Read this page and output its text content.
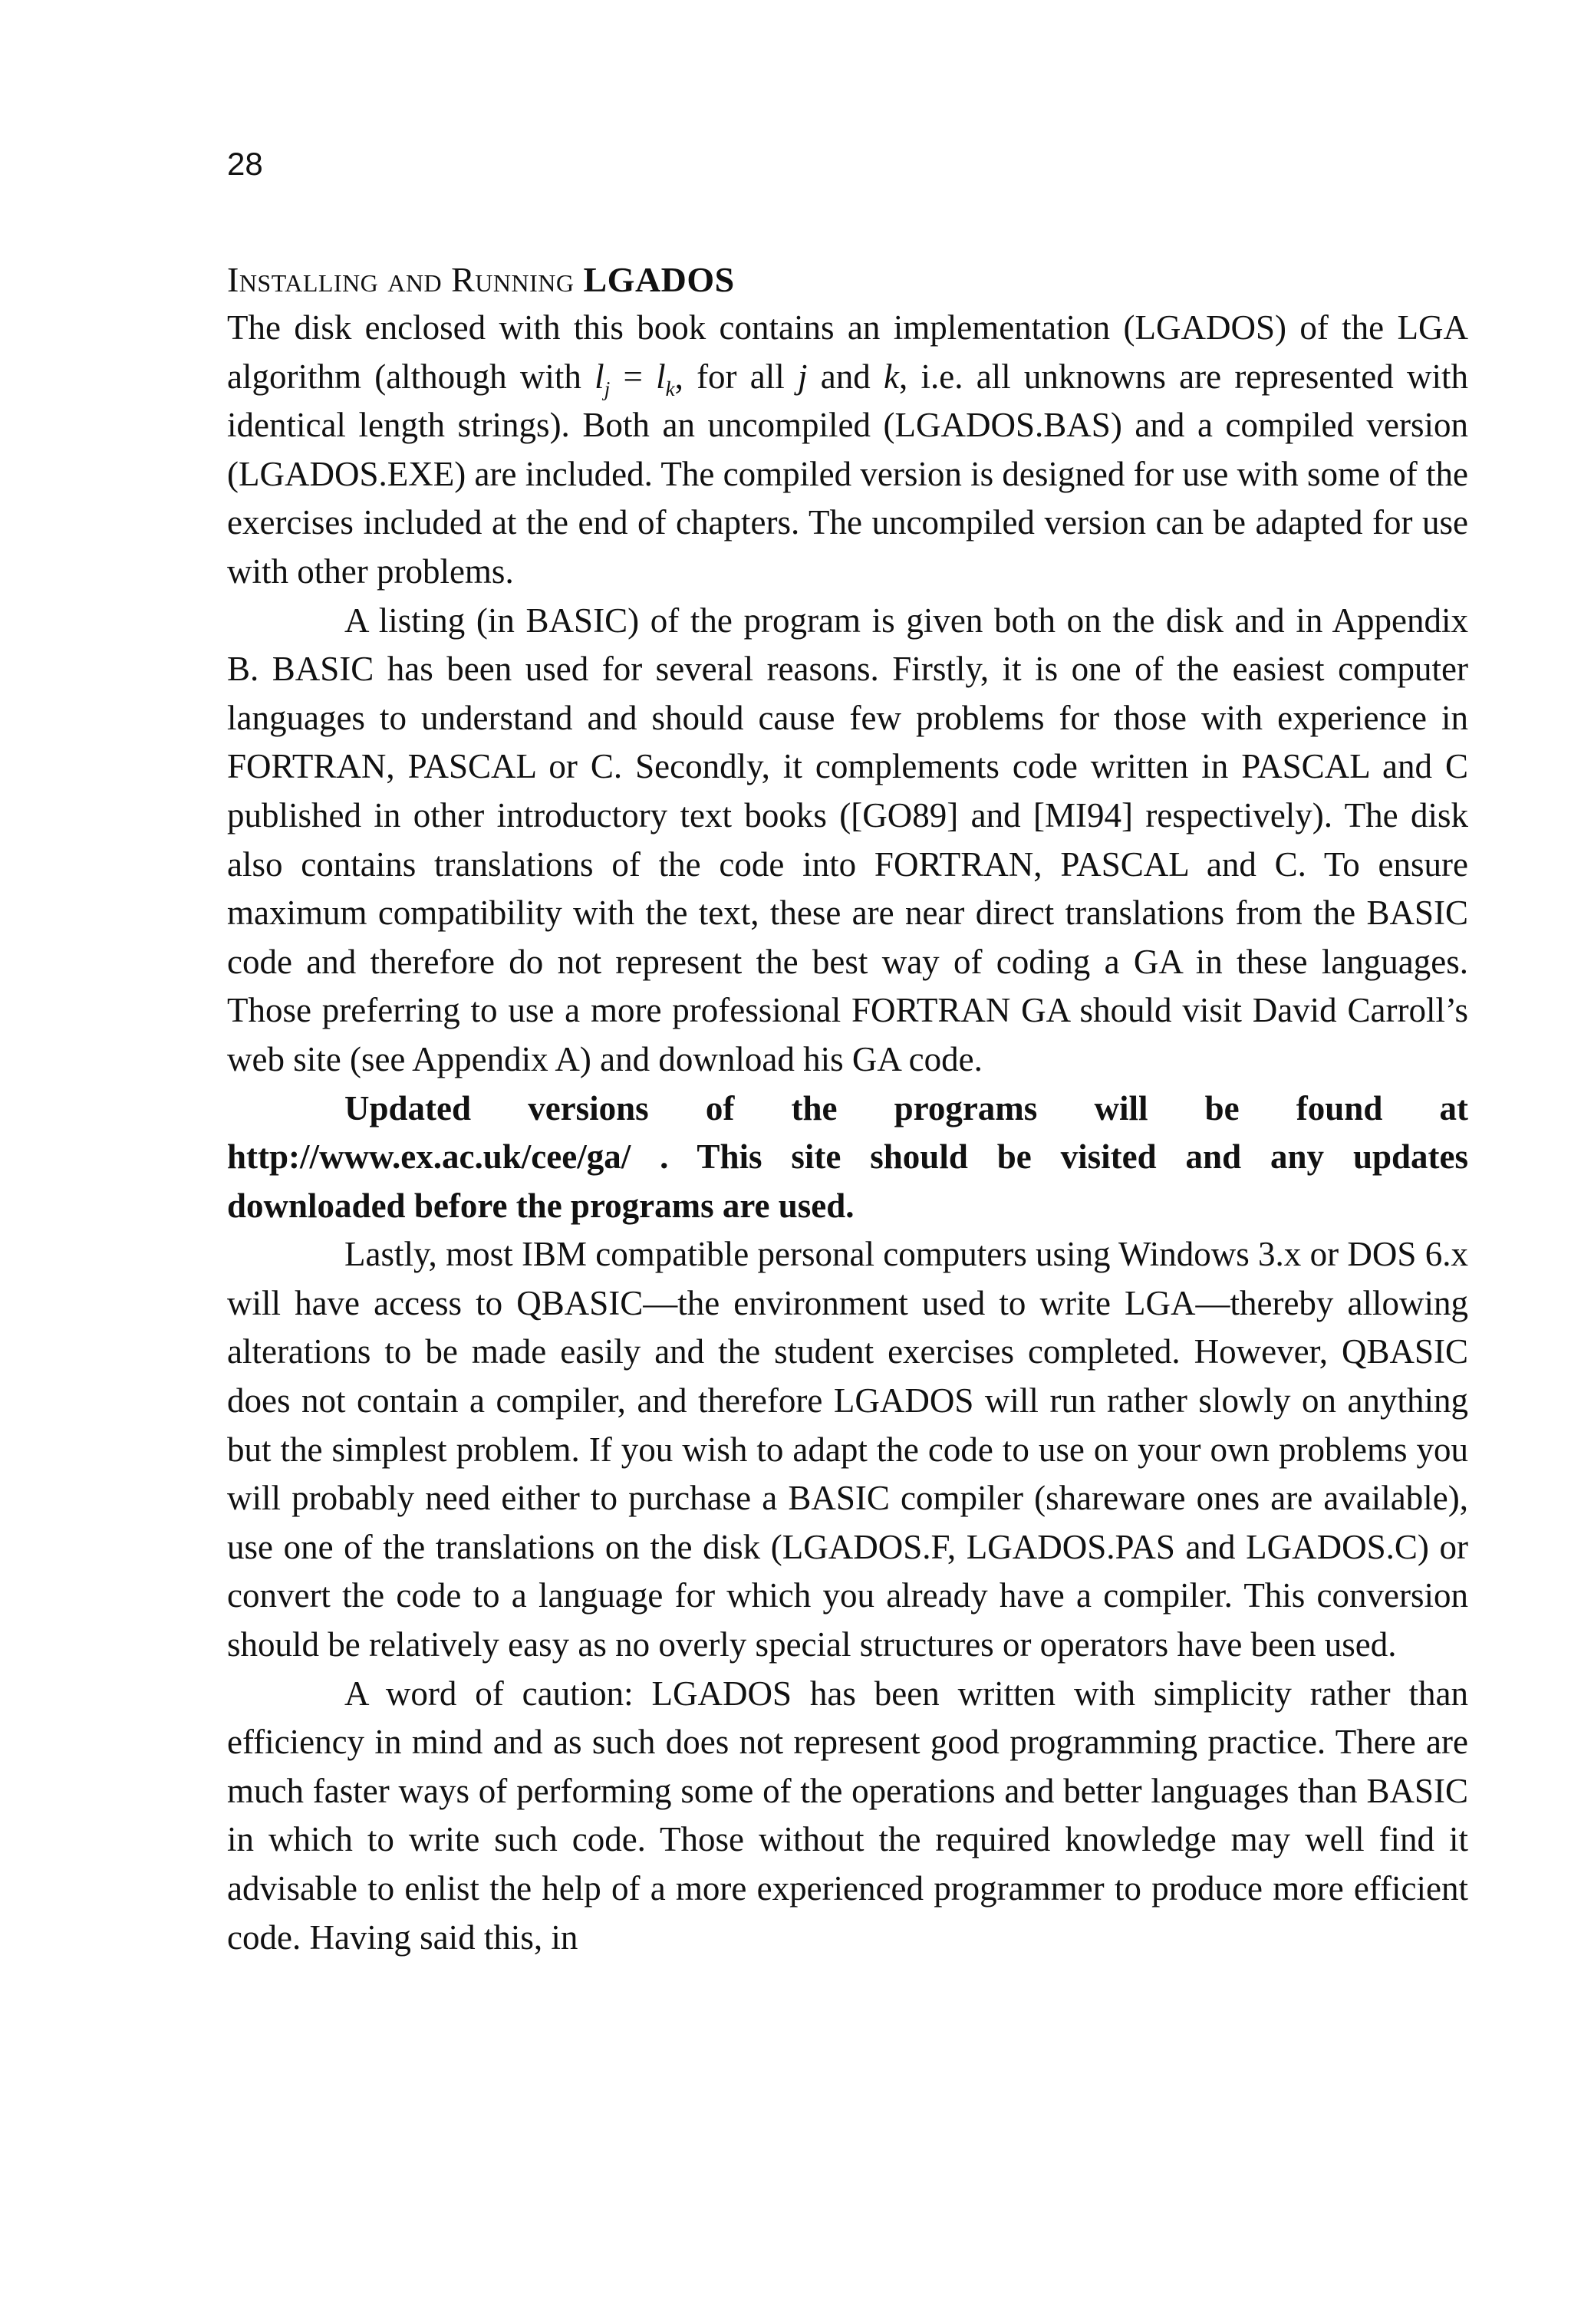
28
Installing and Running LGADOS

The disk enclosed with this book contains an implementation (LGADOS) of the LGA algorithm (although with $l_j = l_k$, for all j and k, i.e. all unknowns are represented with identical length strings). Both an uncompiled (LGADOS.BAS) and a compiled version (LGADOS.EXE) are included. The compiled version is designed for use with some of the exercises included at the end of chapters. The uncompiled version can be adapted for use with other problems.

A listing (in BASIC) of the program is given both on the disk and in Appendix B. BASIC has been used for several reasons. Firstly, it is one of the easiest computer languages to understand and should cause few problems for those with experience in FORTRAN, PASCAL or C. Secondly, it complements code written in PASCAL and C published in other introductory text books ([GO89] and [MI94] respectively). The disk also contains translations of the code into FORTRAN, PASCAL and C. To ensure maximum compatibility with the text, these are near direct translations from the BASIC code and therefore do not represent the best way of coding a GA in these languages. Those preferring to use a more professional FORTRAN GA should visit David Carroll’s web site (see Appendix A) and download his GA code.

Updated versions of the programs will be found at http://www.ex.ac.uk/cee/ga/ . This site should be visited and any updates downloaded before the programs are used.

Lastly, most IBM compatible personal computers using Windows 3.x or DOS 6.x will have access to QBASIC—the environment used to write LGA—thereby allowing alterations to be made easily and the student exercises completed. However, QBASIC does not contain a compiler, and therefore LGADOS will run rather slowly on anything but the simplest problem. If you wish to adapt the code to use on your own problems you will probably need either to purchase a BASIC compiler (shareware ones are available), use one of the translations on the disk (LGADOS.F, LGADOS.PAS and LGADOS.C) or convert the code to a language for which you already have a compiler. This conversion should be relatively easy as no overly special structures or operators have been used.

A word of caution: LGADOS has been written with simplicity rather than efficiency in mind and as such does not represent good programming practice. There are much faster ways of performing some of the operations and better languages than BASIC in which to write such code. Those without the required knowledge may well find it advisable to enlist the help of a more experienced programmer to produce more efficient code. Having said this, in
